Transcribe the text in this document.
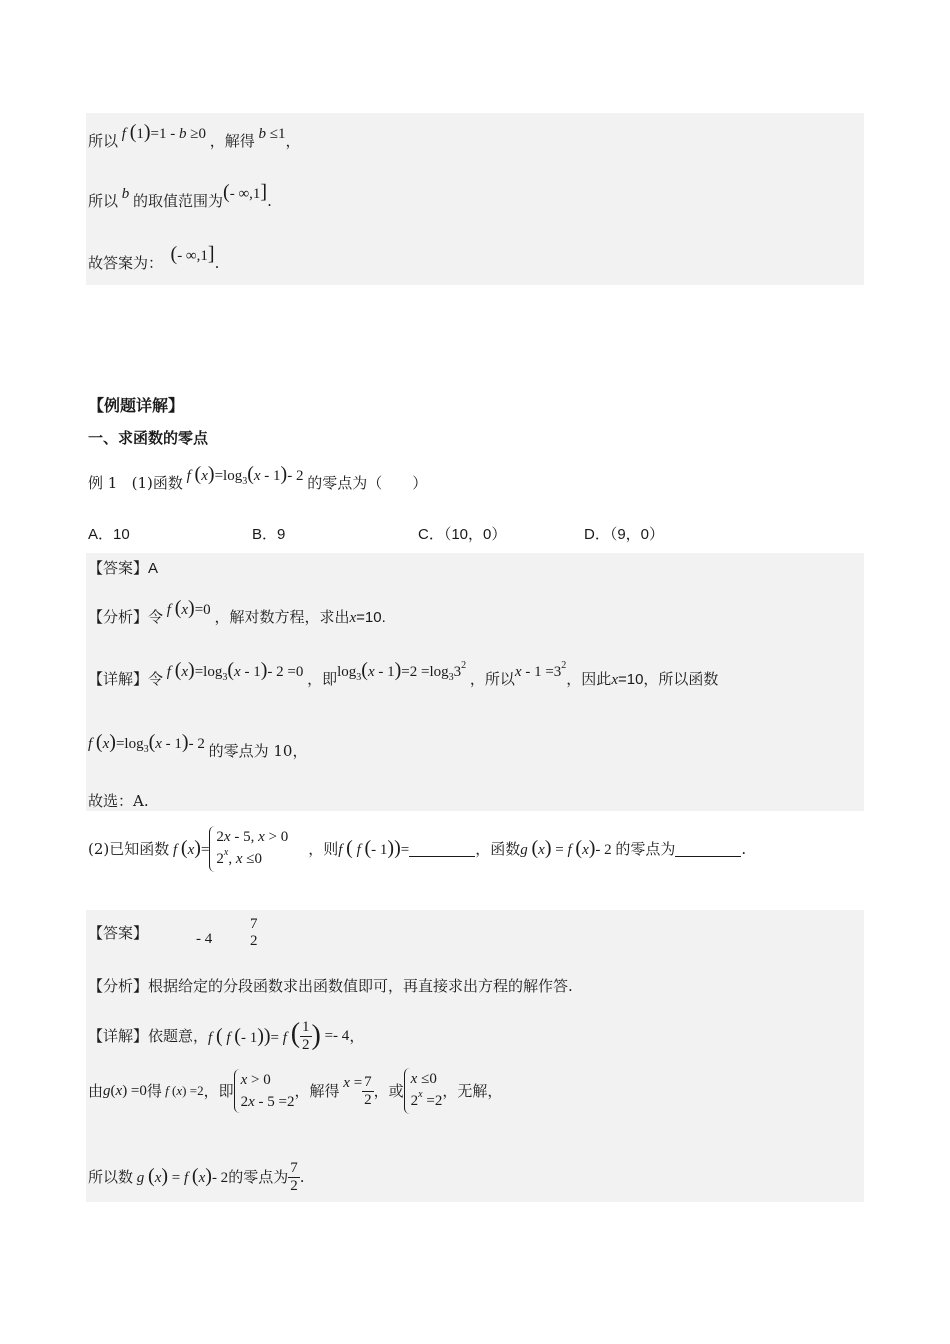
所以 f (1)=1 - b ≥0 ，解得 b ≤1，
所以 b 的取值范围为(- ∞,1].
故答案为： (- ∞,1].
【例题详解】
一、求函数的零点
例 1 (1)函数 f $(x)=\log_3(x - 1)-$ 2 的零点为（　　）
A．10	B．9	C．（10，0）	D．（9，0）
【答案】A
【分析】令 f (x)=0 ，解对数方程，求出x=10.
【详解】令 f $(x)=\log_3(x - 1)-$ 2 =0 ，即$\log_3(x - 1)=2 =\log_33^2$ ，所以$x - 1 =3^2$，因此x=10，所以函数
f $(x)=\log_3(x - 1)-$ 2 的零点为 10，
故选：A.
(2)已知函数 f (x)=2x - 5, x > 0
2$^x$, x ≤0，则f ( f (- 1))=	，函数g (x) = f (x)- 2 的零点为	.
【答案】	- 4
7
2
【分析】根据给定的分段函数求出函数值即可，再直接求出方程的解作答.
【详解】依题意，f ( f (- 1))= f ( $\frac{1}{2}$ ) =- 4，
由g(x) =0得 f (x) =2，即x > 0
2x - 5 =2，解得 $x = \frac{7}{2}$ ，或x ≤0
$2^x =2$，无解，
所以数 g (x) = f (x)- 2的零点为 $\frac{7}{2}$ .
